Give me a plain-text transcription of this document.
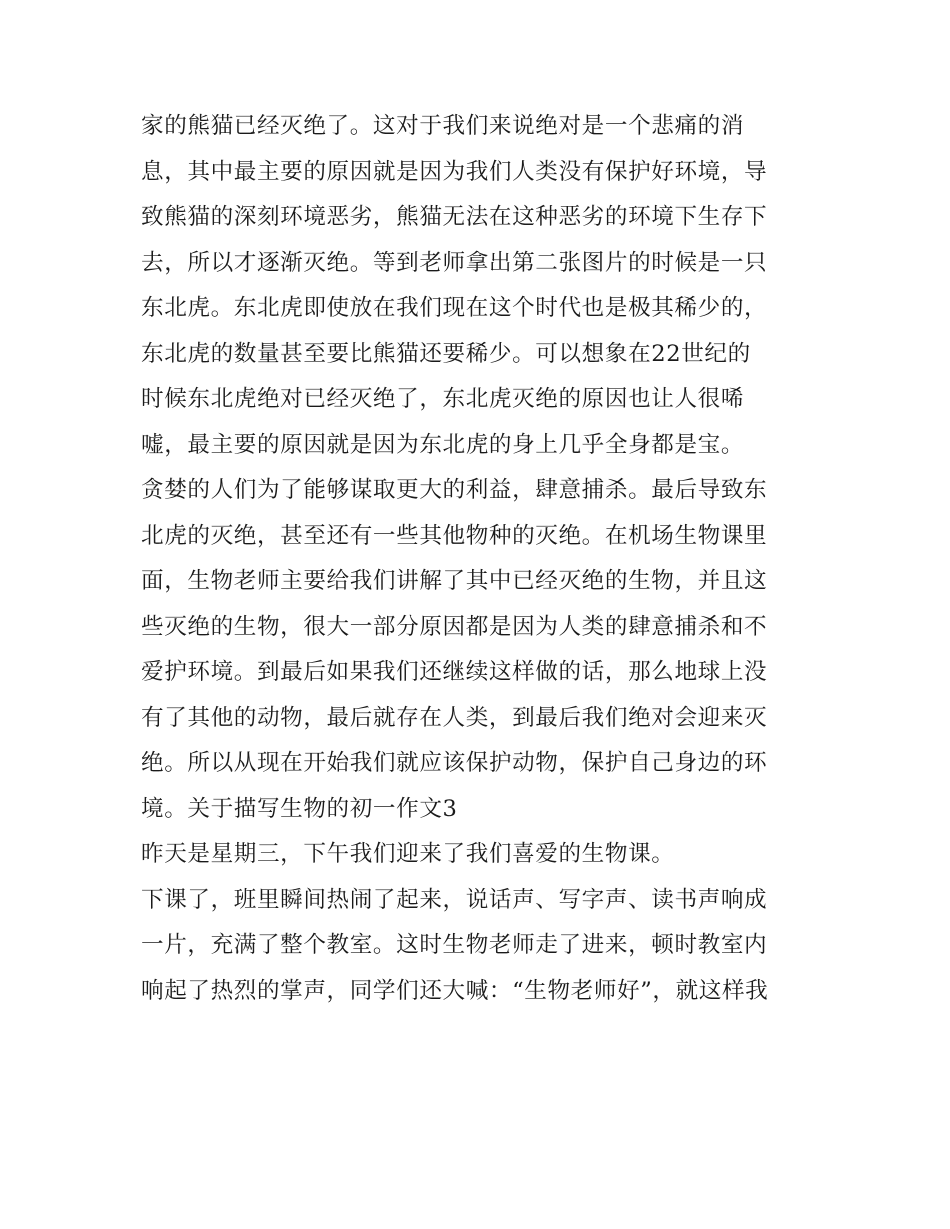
家的熊猫已经灭绝了。这对于我们来说绝对是一个悲痛的消
息，其中最主要的原因就是因为我们人类没有保护好环境，导
致熊猫的深刻环境恶劣，熊猫无法在这种恶劣的环境下生存下
去，所以才逐渐灭绝。等到老师拿出第二张图片的时候是一只
东北虎。东北虎即使放在我们现在这个时代也是极其稀少的，
东北虎的数量甚至要比熊猫还要稀少。可以想象在22世纪的
时候东北虎绝对已经灭绝了，东北虎灭绝的原因也让人很唏
嘘，最主要的原因就是因为东北虎的身上几乎全身都是宝。
贪婪的人们为了能够谋取更大的利益，肆意捕杀。最后导致东
北虎的灭绝，甚至还有一些其他物种的灭绝。在机场生物课里
面，生物老师主要给我们讲解了其中已经灭绝的生物，并且这
些灭绝的生物，很大一部分原因都是因为人类的肆意捕杀和不
爱护环境。到最后如果我们还继续这样做的话，那么地球上没
有了其他的动物，最后就存在人类，到最后我们绝对会迎来灭
绝。所以从现在开始我们就应该保护动物，保护自己身边的环
境。关于描写生物的初一作文3
昨天是星期三，下午我们迎来了我们喜爱的生物课。
下课了，班里瞬间热闹了起来，说话声、写字声、读书声响成
一片，充满了整个教室。这时生物老师走了进来，顿时教室内
响起了热烈的掌声，同学们还大喊：“生物老师好”，就这样我
